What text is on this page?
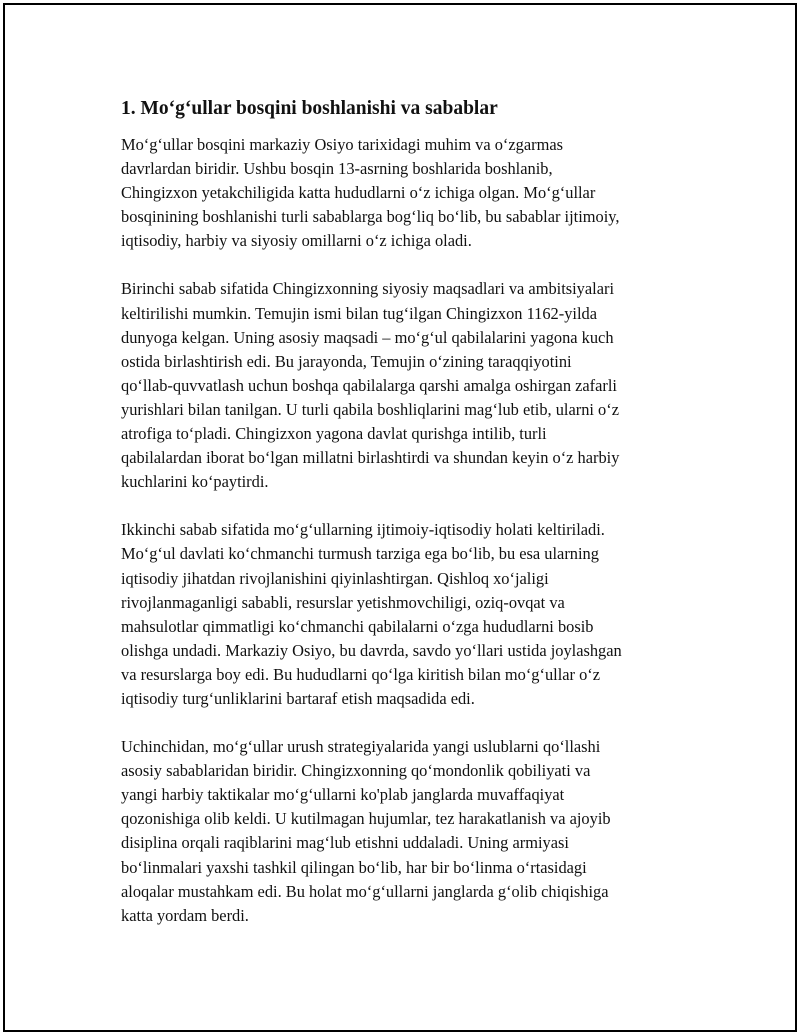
1. Mo‘g‘ullar bosqini boshlanishi va sabablar

Mo‘g‘ullar bosqini markaziy Osiyo tarixidagi muhim va o‘zgarmas
davrlardan biridir. Ushbu bosqin 13-asrning boshlarida boshlanib,
Chingizxon yetakchiligida katta hududlarni o‘z ichiga olgan. Mo‘g‘ullar
bosqinining boshlanishi turli sabablarga bog‘liq bo‘lib, bu sabablar ijtimoiy,
iqtisodiy, harbiy va siyosiy omillarni o‘z ichiga oladi.

Birinchi sabab sifatida Chingizxonning siyosiy maqsadlari va ambitsiyalari
keltirilishi mumkin. Temujin ismi bilan tug‘ilgan Chingizxon 1162-yilda
dunyoga kelgan. Uning asosiy maqsadi – mo‘g‘ul qabilalarini yagona kuch
ostida birlashtirish edi. Bu jarayonda, Temujin o‘zining taraqqiyotini
qo‘llab-quvvatlash uchun boshqa qabilalarga qarshi amalga oshirgan zafarli
yurishlari bilan tanilgan. U turli qabila boshliqlarini mag‘lub etib, ularni o‘z
atrofiga to‘pladi. Chingizxon yagona davlat qurishga intilib, turli
qabilalardan iborat bo‘lgan millatni birlashtirdi va shundan keyin o‘z harbiy
kuchlarini ko‘paytirdi.

Ikkinchi sabab sifatida mo‘g‘ullarning ijtimoiy-iqtisodiy holati keltiriladi.
Mo‘g‘ul davlati ko‘chmanchi turmush tarziga ega bo‘lib, bu esa ularning
iqtisodiy jihatdan rivojlanishini qiyinlashtirgan. Qishloq xo‘jaligi
rivojlanmaganligi sababli, resurslar yetishmovchiligi, oziq-ovqat va
mahsulotlar qimmatligi ko‘chmanchi qabilalarni o‘zga hududlarni bosib
olishga undadi. Markaziy Osiyo, bu davrda, savdo yo‘llari ustida joylashgan
va resurslarga boy edi. Bu hududlarni qo‘lga kiritish bilan mo‘g‘ullar o‘z
iqtisodiy turg‘unliklarini bartaraf etish maqsadida edi.

Uchinchidan, mo‘g‘ullar urush strategiyalarida yangi uslublarni qo‘llashi
asosiy sabablaridan biridir. Chingizxonning qo‘mondonlik qobiliyati va
yangi harbiy taktikalar mo‘g‘ullarni ko'plab janglarda muvaffaqiyat
qozonishiga olib keldi. U kutilmagan hujumlar, tez harakatlanish va ajoyib
disiplina orqali raqiblarini mag‘lub etishni uddaladi. Uning armiyasi
bo‘linmalari yaxshi tashkil qilingan bo‘lib, har bir bo‘linma o‘rtasidagi
aloqalar mustahkam edi. Bu holat mo‘g‘ullarni janglarda g‘olib chiqishiga
katta yordam berdi.
